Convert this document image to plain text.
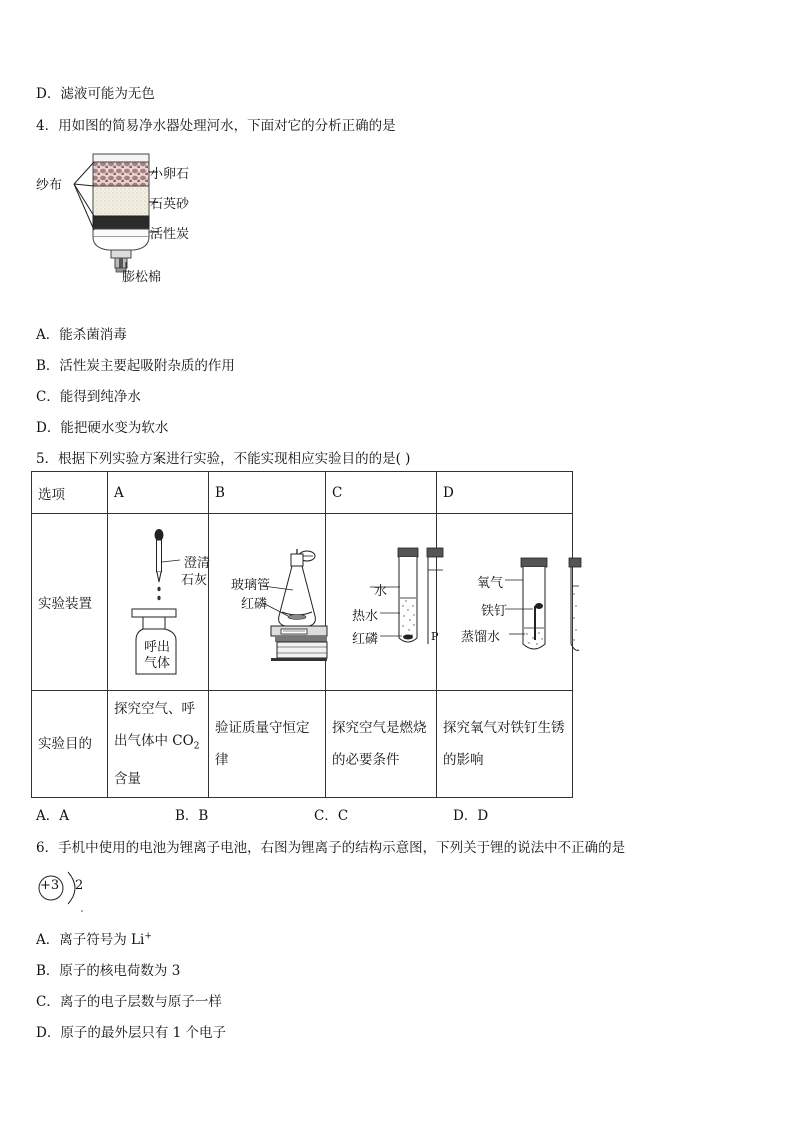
D．滤液可能为无色
4．用如图的简易净水器处理河水，下面对它的分析正确的是
纱布
小卵石
石英砂
活性炭
膨松棉
A．能杀菌消毒
B．活性炭主要起吸附杂质的作用
C．能得到纯净水
D．能把硬水变为软水
5．根据下列实验方案进行实验，不能实现相应实验目的的是( )
选项	A	B	C	D
实验装置	澄清
石灰
呼出
气体	玻璃管
红磷	水
热水
红磷 P	氧气
铁钉
蒸馏水

实验目的	探究空气、呼出气体中 $CO_2$ 含量	验证质量守恒定律	探究空气是燃烧的必要条件	探究氧气对铁钉生锈的影响
A．A	B．B	C．C	D．D
6．手机中使用的电池为锂离子电池，右图为锂离子的结构示意图，下列关于锂的说法中不正确的是
+3 2
A．离子符号为 Li+
B．原子的核电荷数为 3
C．离子的电子层数与原子一样
D．原子的最外层只有 1 个电子
